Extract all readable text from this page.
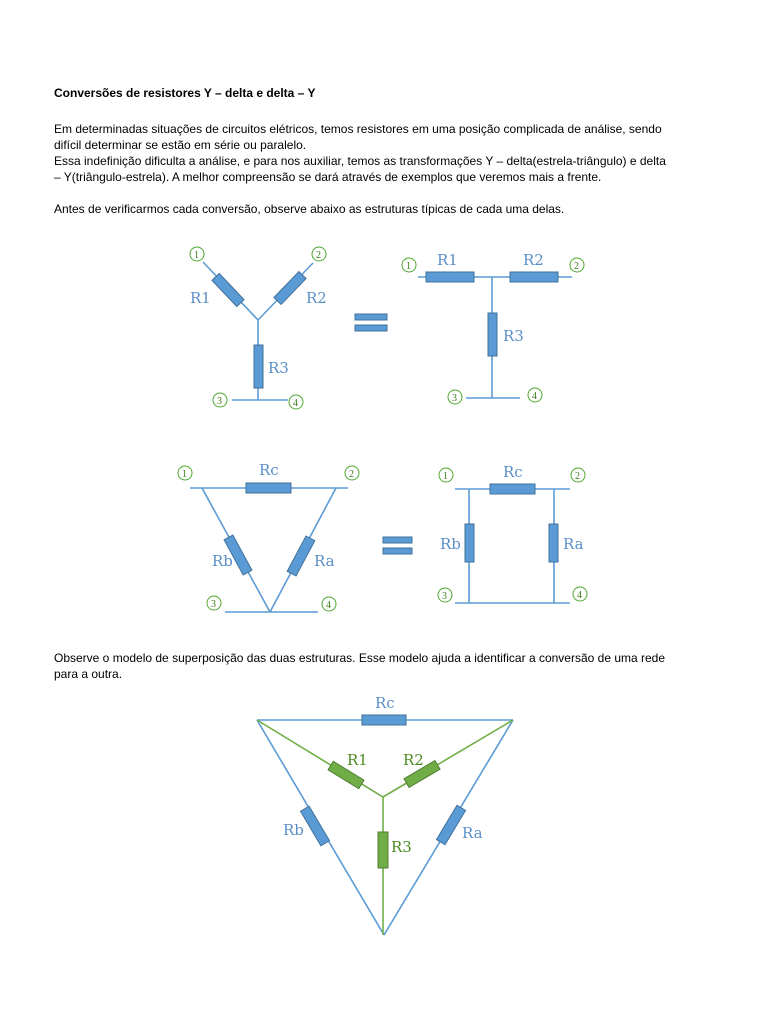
Conversões de resistores Y – delta e delta – Y
Em determinadas situações de circuitos elétricos, temos resistores em uma posição complicada de análise, sendo
difícil determinar se estão em série ou paralelo.
Essa indefinição dificulta a análise, e para nos auxiliar, temos as transformações Y – delta(estrela-triângulo) e delta
– Y(triângulo-estrela). A melhor compreensão se dará através de exemplos que veremos mais a frente.
Antes de verificarmos cada conversão, observe abaixo as estruturas típicas de cada uma delas.
Observe o modelo de superposição das duas estruturas. Esse modelo ajuda a identificar a conversão de uma rede
para a outra.
R1	R2
R3
1	2
3	4
R1	R2
R3
1	2
3	4
Rc
Rb	Ra
1	2
3	4
Rc
Rb	Ra
1	2
3	4
Rc
Rb	Ra
R1 R2
R3
